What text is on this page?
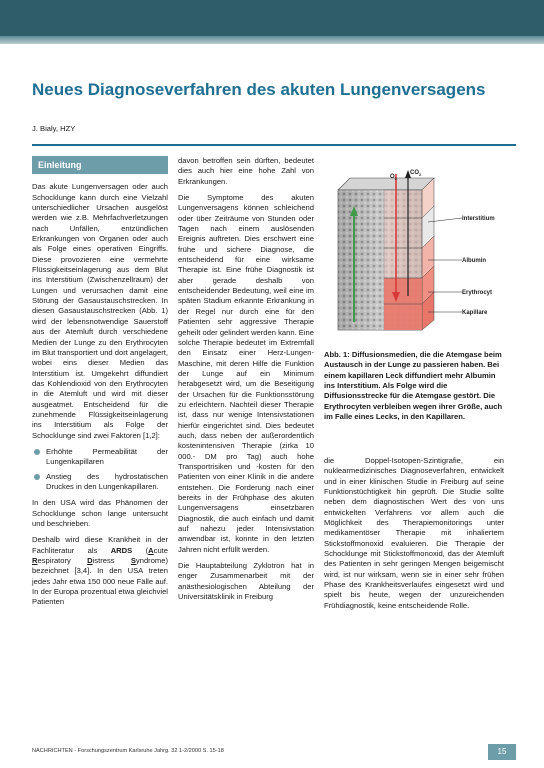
Neues Diagnoseverfahren des akuten Lungenversagens
J. Bialy, HZY
Einleitung

Das akute Lungenversagen oder auch Schocklunge kann durch eine Vielzahl unterschiedlicher Ursachen ausgelöst werden wie z.B. Mehrfachverletzungen nach Unfällen, entzündlichen Erkrankungen von Organen oder auch als Folge eines operativen Eingriffs. Diese provozieren eine vermehrte Flüssigkeitseinlagerung aus dem Blut ins Interstitium (Zwischenzellraum) der Lungen und verursachen damit eine Störung der Gasaustauschstrecken. In diesen Gasaustauschstrecken (Abb. 1) wird der lebensnotwendige Sauerstoff aus der Atemluft durch verschiedene Medien der Lunge zu den Erythrocyten im Blut transportiert und dort angelagert, wobei eins dieser Medien das Interstitium ist. Umgekehrt diffundiert das Kohlendioxid von den Erythrocyten in die Atemluft und wird mit dieser ausgeatmet. Entscheidend für die zunehmende Flüssigkeitseinlagerung ins Interstitium als Folge der Schocklunge sind zwei Faktoren [1,2]:

Erhöhte Permeabilität der Lungenkapillaren
Anstieg des hydrostatischen Druckes in den Lungenkapillaren.

In den USA wird das Phänomen der Schocklunge schon lange untersucht und beschrieben.

Deshalb wird diese Krankheit in der Fachliteratur als ARDS (Acute Respiratory Distress Syndrome) bezeichnet [3,4]. In den USA treten jedes Jahr etwa 150 000 neue Fälle auf. In der Europa prozentual etwa gleichviel Patienten

davon betroffen sein dürften, bedeutet dies auch hier eine hohe Zahl von Erkrankungen.

Die Symptome des akuten Lungenversagens können schleichend oder über Zeiträume von Stunden oder Tagen nach einem auslösenden Ereignis auftreten. Dies erschwert eine frühe und sichere Diagnose, die entscheidend für eine wirksame Therapie ist. Eine frühe Diagnostik ist aber gerade deshalb von entscheidender Bedeutung, weil eine im späten Stadium erkannte Erkrankung in der Regel nur durch eine für den Patienten sehr aggressive Therapie geheilt oder gelindert werden kann. Eine solche Therapie bedeutet im Extremfall den Einsatz einer Herz-Lungen-Maschine, mit deren Hilfe die Funktion der Lunge auf ein Minimum herabgesetzt wird, um die Beseitigung der Ursachen für die Funktionsstörung zu erleichtern. Nachteil dieser Therapie ist, dass nur wenige Intensivstationen hierfür eingerichtet sind. Dies bedeutet auch, dass neben der außerordentlich kostenintensiven Therapie (zirka 10 000.- DM pro Tag) auch hohe Transportrisiken und -kosten für den Patienten von einer Klinik in die andere entstehen. Die Forderung nach einer bereits in der Frühphase des akuten Lungenversagens einsetzbaren Diagnostik, die auch einfach und damit auf nahezu jeder Intensivstation anwendbar ist, konnte in den letzten Jahren nicht erfüllt werden.

Die Hauptabteilung Zyklotron hat in enger Zusammenarbeit mit der anästhesiologischen Abteilung der Universitätsklinik in Freiburg

$O_2$
$CO_2$
Interstitium
Albumin
Erythrocyt
Kapillare

Abb. 1: Diffusionsmedien, die die Atemgase beim Austausch in der Lunge zu passieren haben. Bei einem kapillaren Leck diffundiert mehr Albumin ins Interstitium. Als Folge wird die Diffusionsstrecke für die Atemgase gestört. Die Erythrocyten verbleiben wegen ihrer Größe, auch im Falle eines Lecks, in den Kapillaren.

die Doppel-Isotopen-Szintigrafie, ein nuklearmedizinisches Diagnoseverfahren, entwickelt und in einer klinischen Studie in Freiburg auf seine Funktionstüchtigkeit hin geprüft. Die Studie sollte neben dem diagnostischen Wert des von uns entwickelten Verfahrens vor allem auch die Möglichkeit des Therapiemonitorings unter medikamentöser Therapie mit inhaliertem Stickstoffmonoxid evaluieren. Die Therapie der Schocklunge mit Stickstoffmonoxid, das der Atemluft des Patienten in sehr geringen Mengen beigemischt wird, ist nur wirksam, wenn sie in einer sehr frühen Phase des Krankheitsverlaufes eingesetzt wird und spielt bis heute, wegen der unzureichenden Frühdiagnostik, keine entscheidende Rolle.

NACHRICHTEN - Forschungszentrum Karlsruhe Jahrg. 32 1-2/2000 S. 15-18	15
